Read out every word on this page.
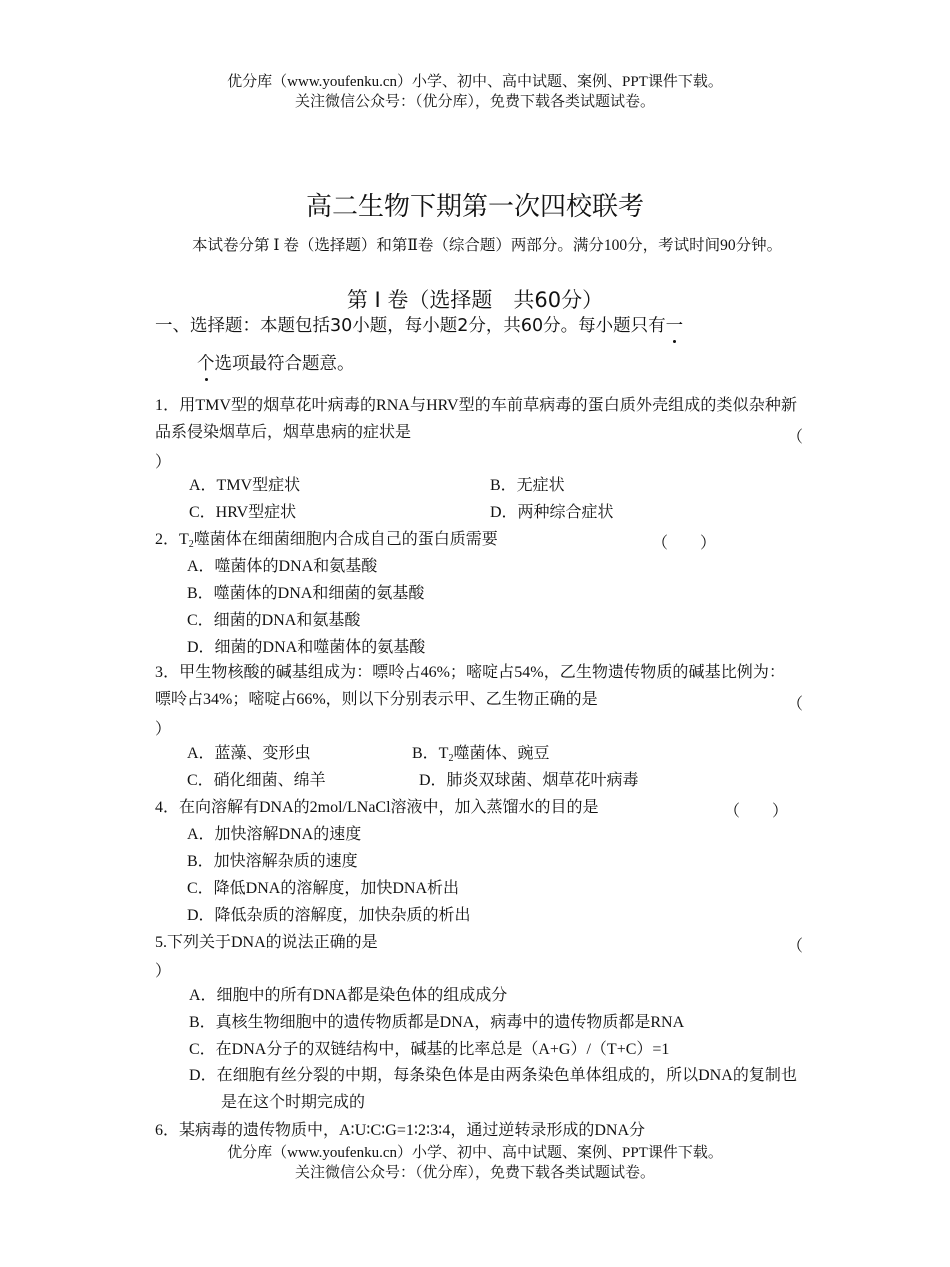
优分库（www.youfenku.cn）小学、初中、高中试题、案例、PPT课件下载。
关注微信公众号：（优分库），免费下载各类试题试卷。
高二生物下期第一次四校联考
本试卷分第 Ⅰ 卷（选择题）和第Ⅱ卷（综合题）两部分。满分100分，考试时间90分钟。
第 Ⅰ 卷（选择题　共60分）
一、选择题：本题包括30小题，每小题2分，共60分。每小题只有一
个选项最符合题意。
1．用TMV型的烟草花叶病毒的RNA与HRV型的车前草病毒的蛋白质外壳组成的类似杂种新品系侵染烟草后，烟草患病的症状是	（
）
A．TMV型症状	B．无症状
C．HRV型症状	D．两种综合症状
2．$T_2$噬菌体在细菌细胞内合成自己的蛋白质需要	（　　）
A．噬菌体的DNA和氨基酸
B．噬菌体的DNA和细菌的氨基酸
C．细菌的DNA和氨基酸
D．细菌的DNA和噬菌体的氨基酸
3．甲生物核酸的碱基组成为：嘌呤占46%；嘧啶占54%，乙生物遗传物质的碱基比例为：嘌呤占34%；嘧啶占66%，则以下分别表示甲、乙生物正确的是	（
）
A．蓝藻、变形虫	B．$T_2$噬菌体、豌豆
C．硝化细菌、绵羊	D．肺炎双球菌、烟草花叶病毒
4．在向溶解有DNA的2mol/LNaCl溶液中，加入蒸馏水的目的是	（　　）
A．加快溶解DNA的速度
B．加快溶解杂质的速度
C．降低DNA的溶解度，加快DNA析出
D．降低杂质的溶解度，加快杂质的析出
5.下列关于DNA的说法正确的是	（
）
A．细胞中的所有DNA都是染色体的组成成分
B．真核生物细胞中的遗传物质都是DNA，病毒中的遗传物质都是RNA
C．在DNA分子的双链结构中，碱基的比率总是（A+G）/（T+C）=1
D．在细胞有丝分裂的中期，每条染色体是由两条染色单体组成的，所以DNA的复制也是在这个时期完成的
6．某病毒的遗传物质中，A∶U∶C∶G=1∶2∶3∶4，通过逆转录形成的DNA分
优分库（www.youfenku.cn）小学、初中、高中试题、案例、PPT课件下载。
关注微信公众号：（优分库），免费下载各类试题试卷。
